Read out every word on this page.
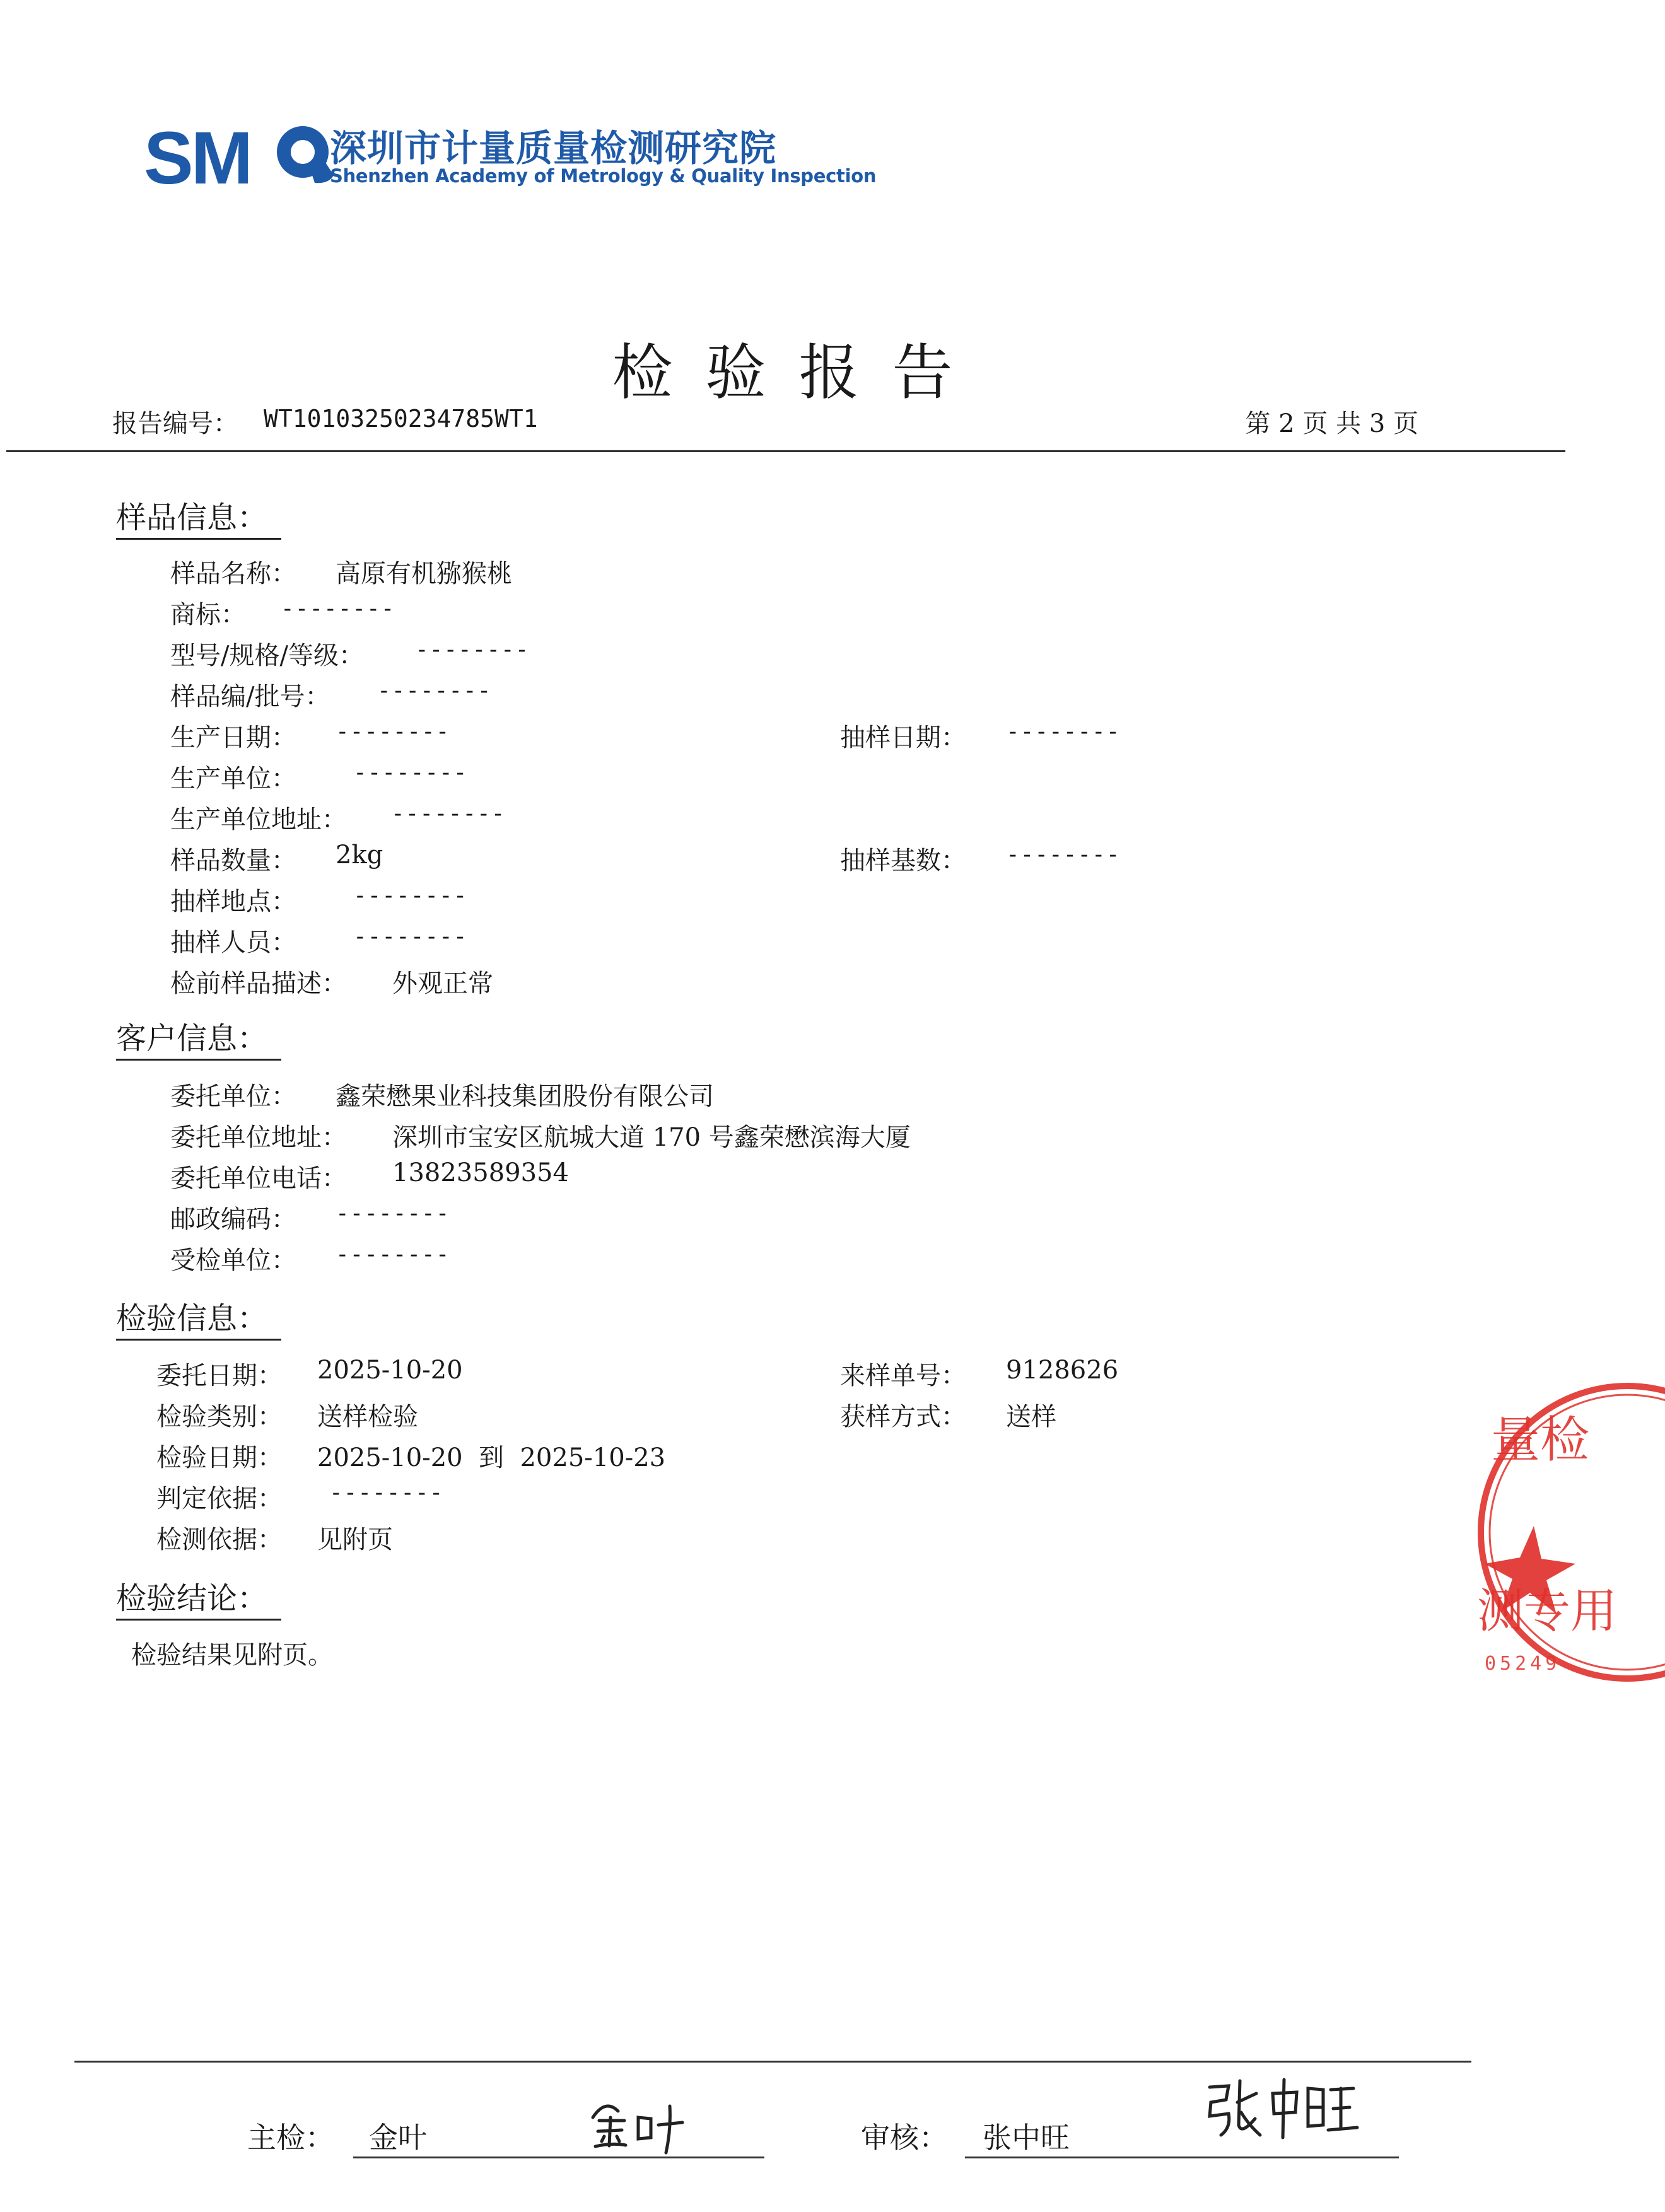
SM 深圳市计量质量检测研究院
Shenzhen Academy of Metrology & Quality Inspection
检验报告
报告编号： WT10103250234785WT1	第 2 页 共 3 页
样品信息：
样品名称： 高原有机猕猴桃
商标： --------
型号/规格/等级： --------
样品编/批号： --------
生产日期： --------	抽样日期： --------
生产单位：	--------
生产单位地址： --------
样品数量： 2kg	抽样基数： --------
抽样地点：	--------
抽样人员：	--------
检前样品描述： 外观正常
客户信息：
委托单位： 鑫荣懋果业科技集团股份有限公司
委托单位地址： 深圳市宝安区航城大道 170 号鑫荣懋滨海大厦
委托单位电话： 13823589354
邮政编码： --------
受检单位： --------
检验信息：
委托日期： 2025-10-20	来样单号： 9128626
检验类别： 送样检验	获样方式： 送样
检验日期： 2025-10-20  到  2025-10-23
判定依据： --------
检测依据： 见附页
检验结论：
检验结果见附页。
量检
测专用
05249
主检： 金叶	审核： 张中旺
